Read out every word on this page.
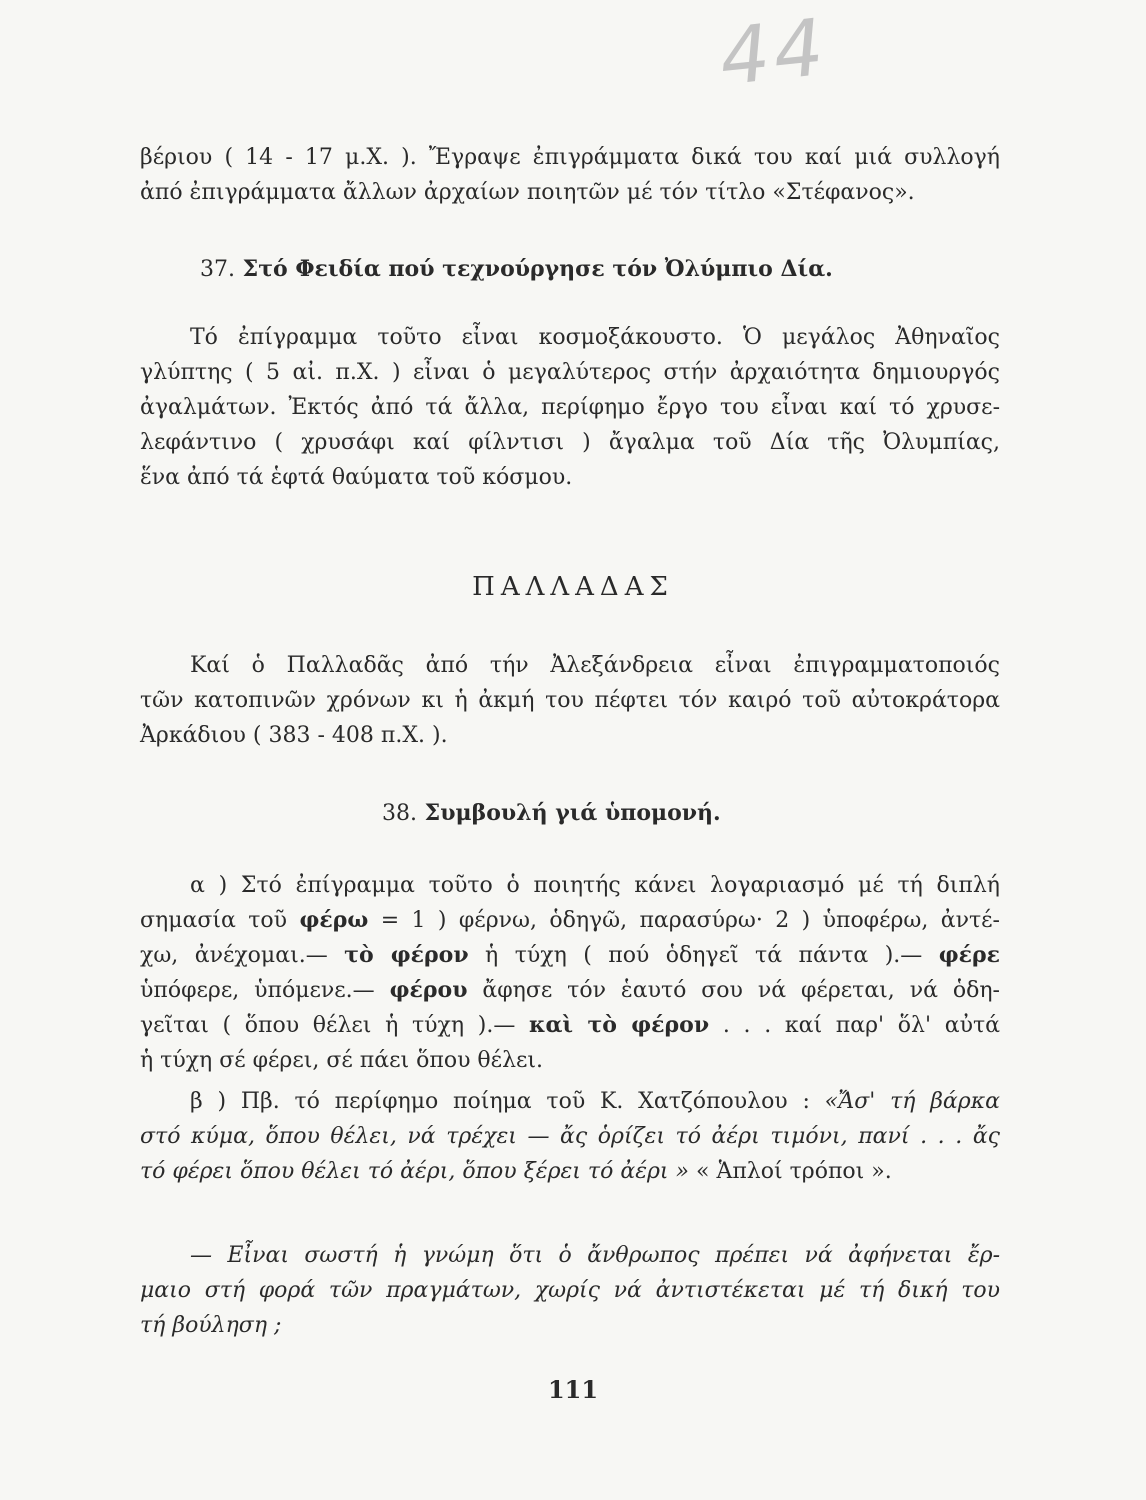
44
βέριου ( 14 - 17 μ.Χ. ). Ἔγραψε ἐπιγράμματα δικά του καί μιά συλλογή
ἀπό ἐπιγράμματα ἄλλων ἀρχαίων ποιητῶν μέ τόν τίτλο «Στέφανος».
37. Στό Φειδία πού τεχνούργησε τόν Ὀλύμπιο Δία.
Τό ἐπίγραμμα τοῦτο εἶναι κοσμοξάκουστο. Ὁ μεγάλος Ἀθηναῖος
γλύπτης ( 5 αἰ. π.Χ. ) εἶναι ὁ μεγαλύτερος στήν ἀρχαιότητα δημιουργός
ἀγαλμάτων. Ἐκτός ἀπό τά ἄλλα, περίφημο ἔργο του εἶναι καί τό χρυσε-
λεφάντινο ( χρυσάφι καί φίλντισι ) ἄγαλμα τοῦ Δία τῆς Ὀλυμπίας,
ἕνα ἀπό τά ἑφτά θαύματα τοῦ κόσμου.
ΠΑΛΛΑΔΑΣ
Καί ὁ Παλλαδᾶς ἀπό τήν Ἀλεξάνδρεια εἶναι ἐπιγραμματοποιός
τῶν κατοπινῶν χρόνων κι ἡ ἀκμή του πέφτει τόν καιρό τοῦ αὐτοκράτορα
Ἀρκάδιου ( 383 - 408 π.Χ. ).
38. Συμβουλή γιά ὑπομονή.
α ) Στό ἐπίγραμμα τοῦτο ὁ ποιητής κάνει λογαριασμό μέ τή διπλή
σημασία τοῦ φέρω = 1 ) φέρνω, ὁδηγῶ, παρασύρω· 2 ) ὑποφέρω, ἀντέ-
χω, ἀνέχομαι.— τὸ φέρον ἡ τύχη ( πού ὁδηγεῖ τά πάντα ).— φέρε
ὑπόφερε, ὑπόμενε.— φέρου ἄφησε τόν ἑαυτό σου νά φέρεται, νά ὁδη-
γεῖται ( ὅπου θέλει ἡ τύχη ).— καὶ τὸ φέρον . . . καί παρ' ὅλ' αὐτά
ἡ τύχη σέ φέρει, σέ πάει ὅπου θέλει.
β ) Πβ. τό περίφημο ποίημα τοῦ Κ. Χατζόπουλου : «Ἄσ' τή βάρκα
στό κύμα, ὅπου θέλει, νά τρέχει — ἄς ὁρίζει τό ἀέρι τιμόνι, πανί . . . ἄς
τό φέρει ὅπου θέλει τό ἀέρι, ὅπου ξέρει τό ἀέρι » « Ἁπλοί τρόποι ».
— Εἶναι σωστή ἡ γνώμη ὅτι ὁ ἄνθρωπος πρέπει νά ἀφήνεται ἔρ-
μαιο στή φορά τῶν πραγμάτων, χωρίς νά ἀντιστέκεται μέ τή δική του
τή βούληση ;
111
